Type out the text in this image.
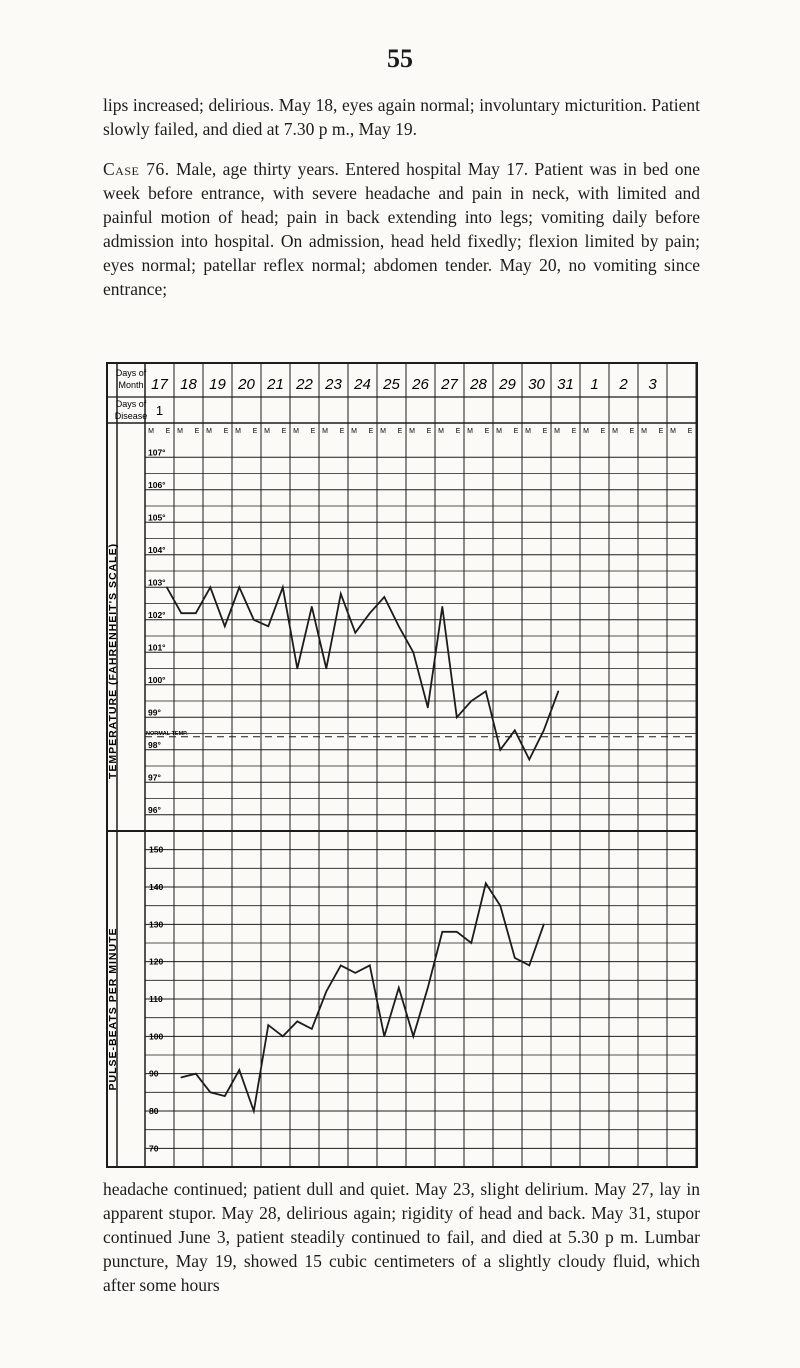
55

lips increased; delirious. May 18, eyes again normal; involuntary micturition. Patient slowly failed, and died at 7.30 p m., May 19.

Case 76. Male, age thirty years. Entered hospital May 17. Patient was in bed one week before entrance, with severe headache and pain in neck, with limited and painful motion of head; pain in back extending into legs; vomiting daily before admission into hospital. On admission, head held fixedly; flexion limited by pain; eyes normal; patellar reflex normal; abdomen tender. May 20, no vomiting since entrance;

Days of
Month
Days of
Disease
17 18 19 20 21 22 23 24 25 26 27 28 29 30 31 1 2 3
1
M E M E M E M E M E M E M E M E M E M E M E M E M E M E M E M E M E M E M E
107°
106°
105°
104°
103°
102°
101°
100°
99°
98°
97°
96°
NORMAL TEMP.
150
140
130
120
110
100
90
80
70
TEMPERATURE (FAHRENHEIT'S SCALE)
PULSE-BEATS PER MINUTE

headache continued; patient dull and quiet. May 23, slight delirium. May 27, lay in apparent stupor. May 28, delirious again; rigidity of head and back. May 31, stupor continued June 3, patient steadily continued to fail, and died at 5.30 p m. Lumbar puncture, May 19, showed 15 cubic centimeters of a slightly cloudy fluid, which after some hours
